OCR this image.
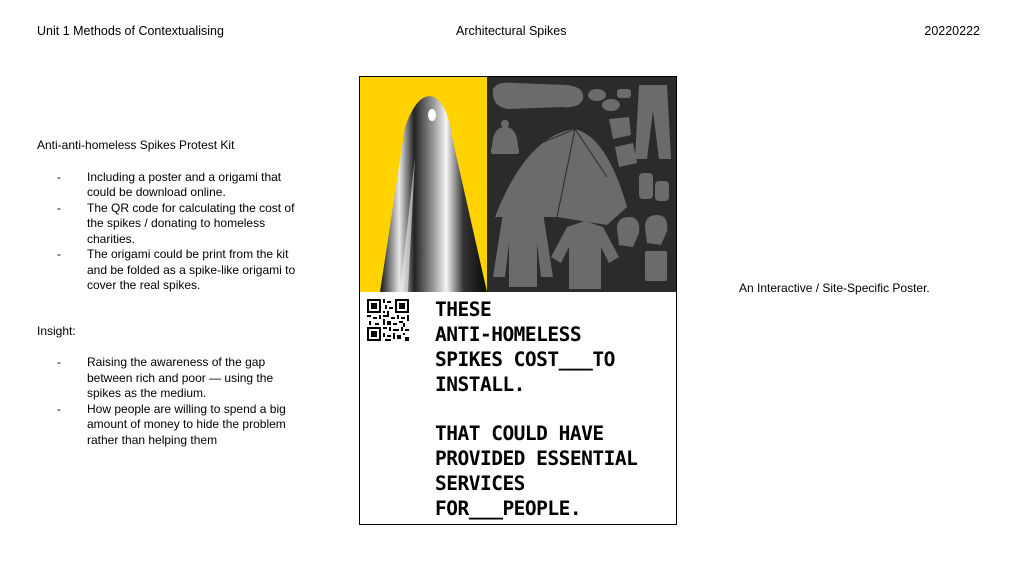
Unit 1 Methods of Contextualising	Architectural Spikes	20220222

Anti-anti-homeless Spikes Protest Kit

- Including a poster and a origami that could be download online.
- The QR code for calculating the cost of the spikes / donating to homeless charities.
- The origami could be print from the kit and be folded as a spike-like origami to cover the real spikes.

Insight:

- Raising the awareness of the gap between rich and poor — using the spikes as the medium.
- How people are willing to spend a big amount of money to hide the problem rather than helping them
THESE
ANTI-HOMELESS
SPIKES COST___TO
INSTALL.
THAT COULD HAVE
PROVIDED ESSENTIAL
SERVICES
FOR___PEOPLE.
An Interactive / Site-Specific Poster.
